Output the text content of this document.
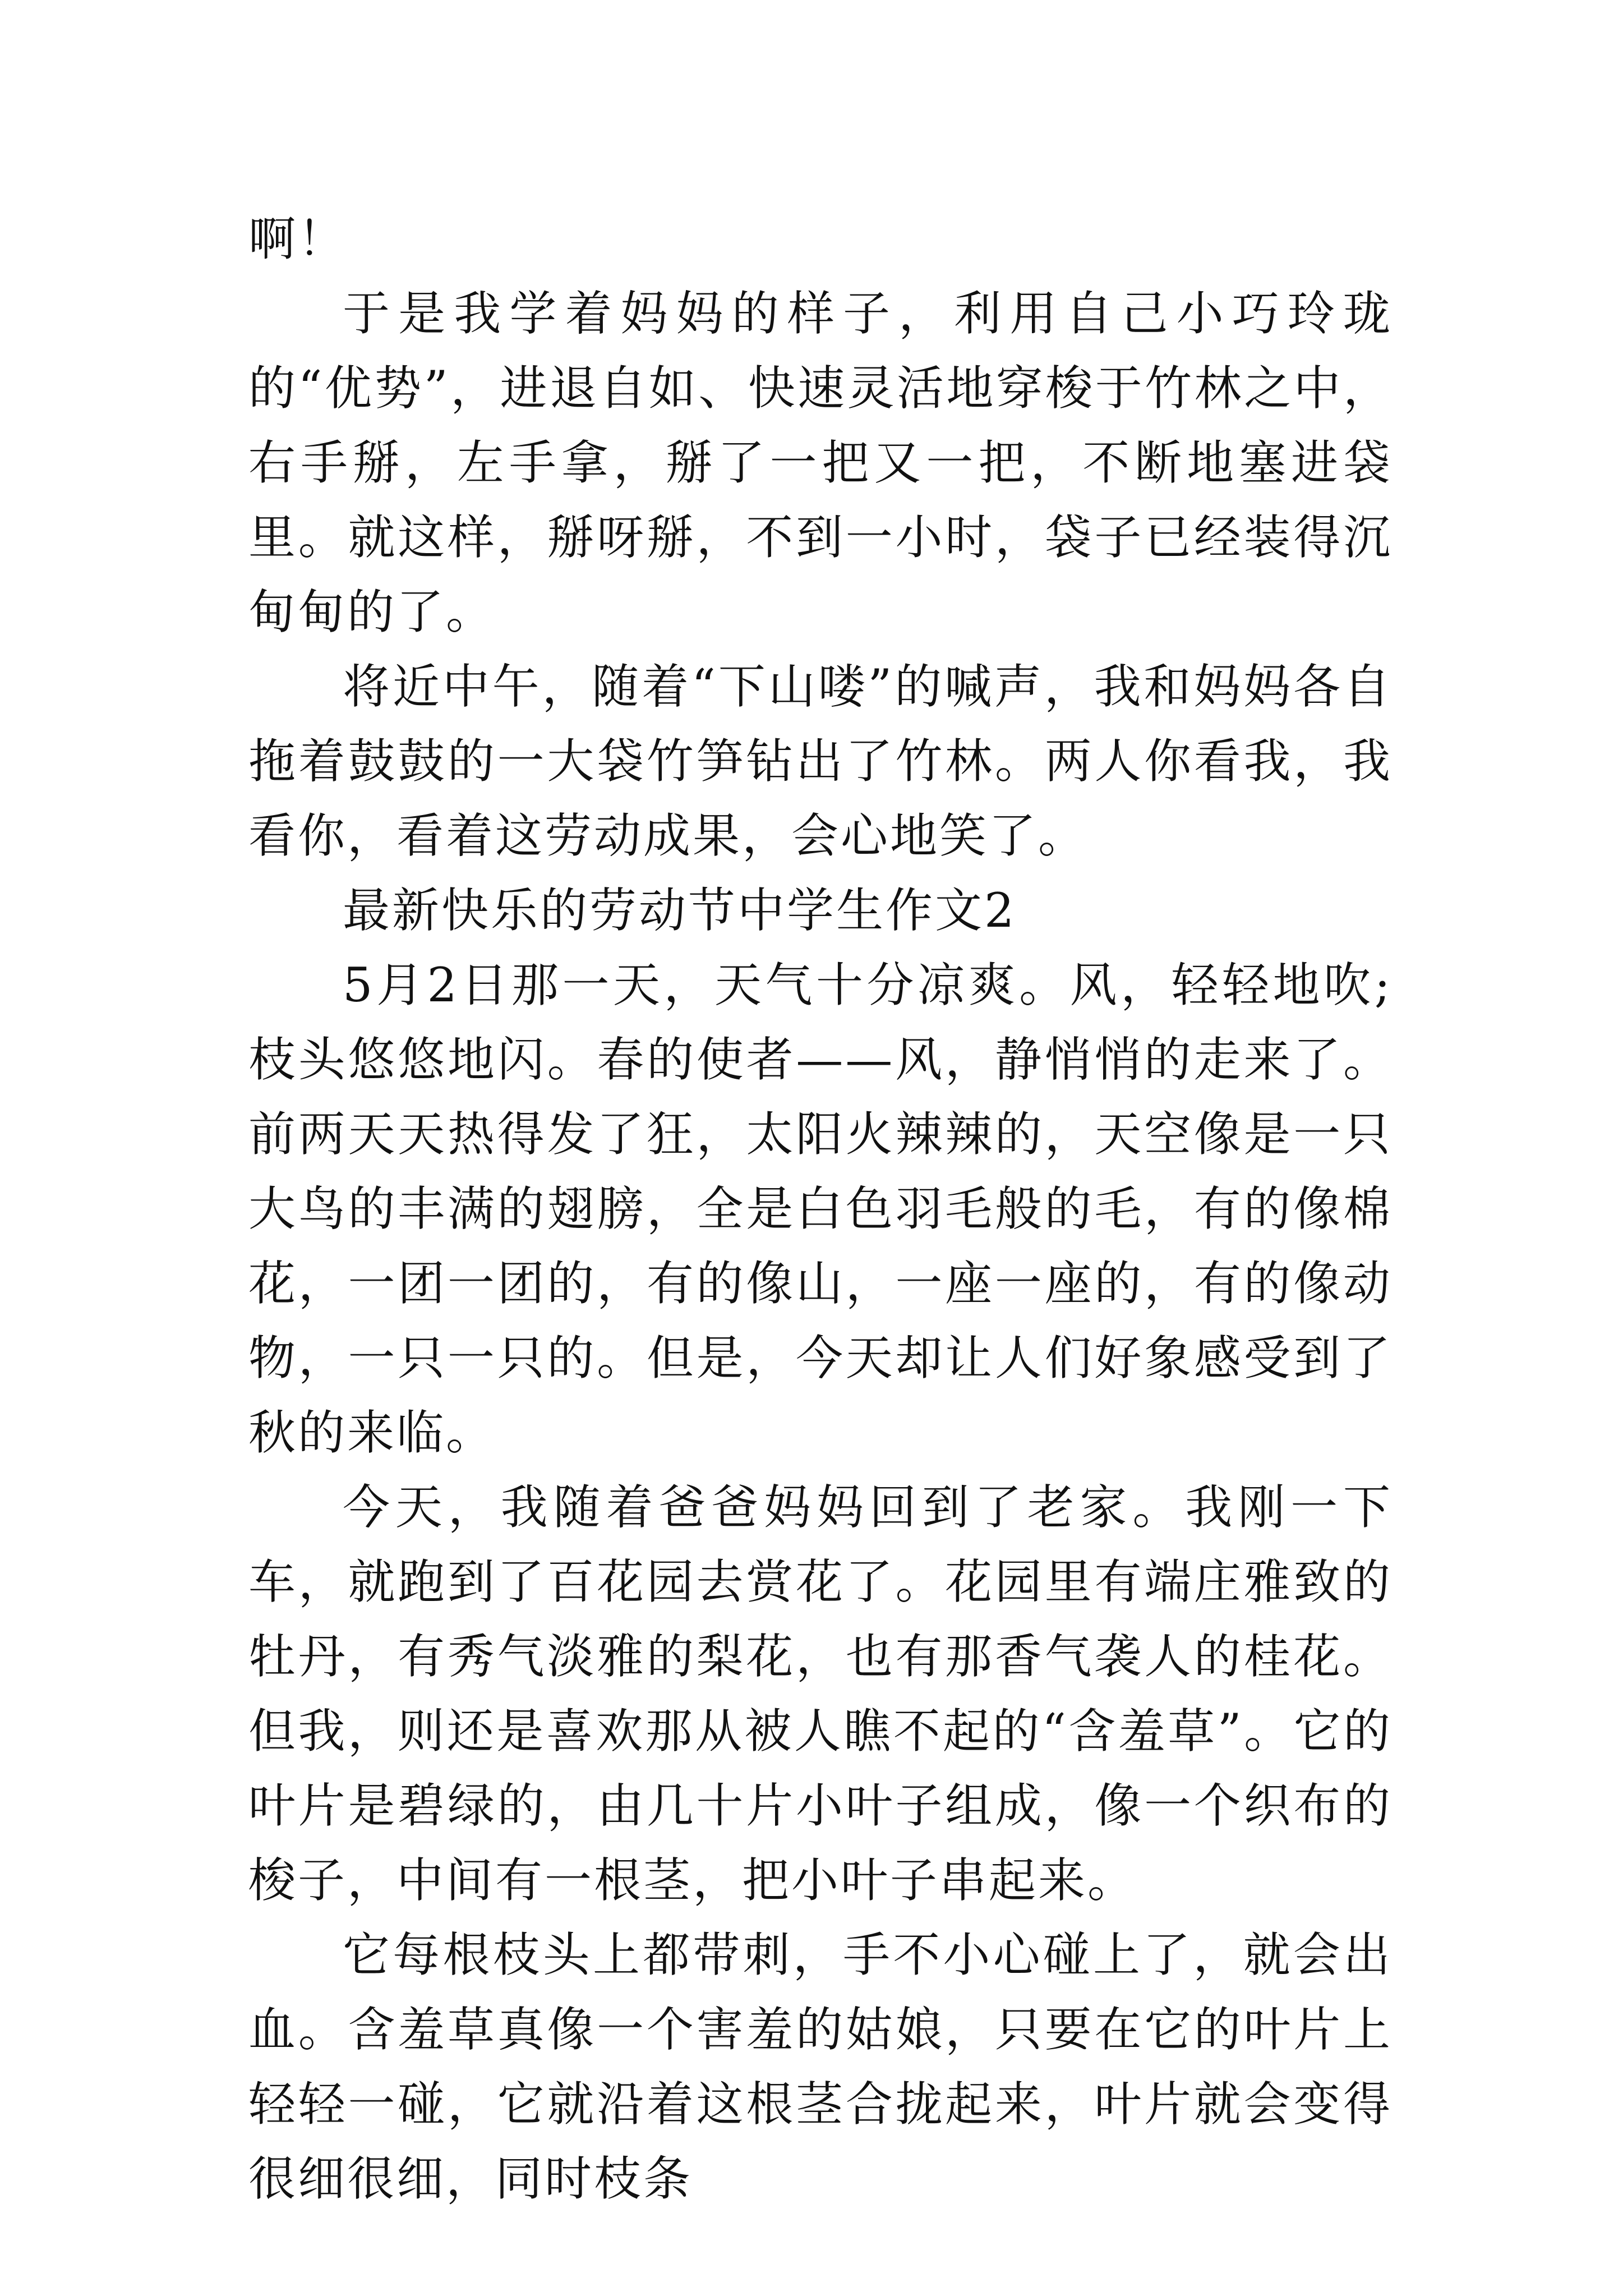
啊！

于是我学着妈妈的样子，利用自己小巧玲珑的“优势”，进退自如、快速灵活地穿梭于竹林之中，右手掰，左手拿，掰了一把又一把，不断地塞进袋里。就这样，掰呀掰，不到一小时，袋子已经装得沉甸甸的了。

将近中午，随着“下山喽”的喊声，我和妈妈各自拖着鼓鼓的一大袋竹笋钻出了竹林。两人你看我，我看你，看着这劳动成果，会心地笑了。

最新快乐的劳动节中学生作文2

5月2日那一天，天气十分凉爽。风，轻轻地吹;枝头悠悠地闪。春的使者——风，静悄悄的走来了。前两天天热得发了狂，太阳火辣辣的，天空像是一只大鸟的丰满的翅膀，全是白色羽毛般的毛，有的像棉花，一团一团的，有的像山，一座一座的，有的像动物，一只一只的。但是，今天却让人们好象感受到了秋的来临。

今天，我随着爸爸妈妈回到了老家。我刚一下车，就跑到了百花园去赏花了。花园里有端庄雅致的牡丹，有秀气淡雅的梨花，也有那香气袭人的桂花。但我，则还是喜欢那从被人瞧不起的“含羞草”。它的叶片是碧绿的，由几十片小叶子组成，像一个织布的梭子，中间有一根茎，把小叶子串起来。

它每根枝头上都带刺，手不小心碰上了，就会出血。含羞草真像一个害羞的姑娘，只要在它的叶片上轻轻一碰，它就沿着这根茎合拢起来，叶片就会变得很细很细，同时枝条
